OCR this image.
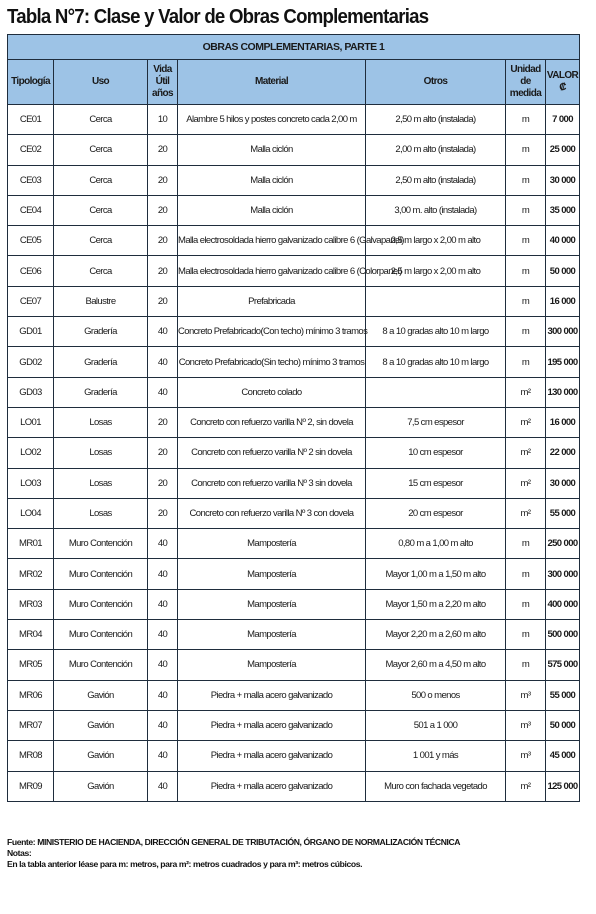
Tabla N°7: Clase y Valor de Obras Complementarias
OBRAS COMPLEMENTARIAS, PARTE 1						
Tipología	Uso	Vida Útil años	Material	Otros	Unidad de medida	VALOR ₡
CE01	Cerca	10	Alambre 5 hilos y postes concreto cada 2,00 m	2,50 m alto (instalada)	m	7 000
CE02	Cerca	20	Malla ciclón	2,00 m alto (instalada)	m	25 000
CE03	Cerca	20	Malla ciclón	2,50 m alto (instalada)	m	30 000
CE04	Cerca	20	Malla ciclón	3,00 m. alto (instalada)	m	35 000
CE05	Cerca	20	Malla electrosoldada hierro galvanizado calibre 6 (Galvapanel)	2,5 m largo x 2,00 m alto	m	40 000
CE06	Cerca	20	Malla electrosoldada hierro galvanizado calibre 6 (Colorpanel)	2,5 m largo x 2,00 m alto	m	50 000
CE07	Balustre	20	Prefabricada		m	16 000
GD01	Gradería	40	Concreto Prefabricado(Con techo) mínimo 3 tramos	8 a 10 gradas alto 10 m largo	m	300 000
GD02	Gradería	40	Concreto Prefabricado(Sin techo) mínimo 3 tramos	8 a 10 gradas alto 10 m largo	m	195 000
GD03	Gradería	40	Concreto colado		m²	130 000
LO01	Losas	20	Concreto con refuerzo varilla Nº 2, sin dovela	7,5 cm espesor	m²	16 000
LO02	Losas	20	Concreto con refuerzo varilla Nº 2 sin dovela	10 cm espesor	m²	22 000
LO03	Losas	20	Concreto con refuerzo varilla Nº 3 sin dovela	15 cm espesor	m²	30 000
LO04	Losas	20	Concreto con refuerzo varilla Nº 3 con dovela	20 cm espesor	m²	55 000
MR01	Muro Contención	40	Mampostería	0,80 m a 1,00 m alto	m	250 000
MR02	Muro Contención	40	Mampostería	Mayor 1,00 m a 1,50 m alto	m	300 000
MR03	Muro Contención	40	Mampostería	Mayor 1,50 m a 2,20 m alto	m	400 000
MR04	Muro Contención	40	Mampostería	Mayor 2,20 m a 2,60 m alto	m	500 000
MR05	Muro Contención	40	Mampostería	Mayor 2,60 m a 4,50 m alto	m	575 000
MR06	Gavión	40	Piedra + malla acero galvanizado	500 o menos	m³	55 000
MR07	Gavión	40	Piedra + malla acero galvanizado	501 a 1 000	m³	50 000
MR08	Gavión	40	Piedra + malla acero galvanizado	1 001 y más	m³	45 000
MR09	Gavión	40	Piedra + malla acero galvanizado	Muro con fachada vegetado	m²	125 000
Fuente: MINISTERIO DE HACIENDA, DIRECCIÓN GENERAL DE TRIBUTACIÓN, ÓRGANO DE NORMALIZACIÓN TÉCNICA
Notas:
En la tabla anterior léase para m: metros, para m²: metros cuadrados y para m³: metros cúbicos.
